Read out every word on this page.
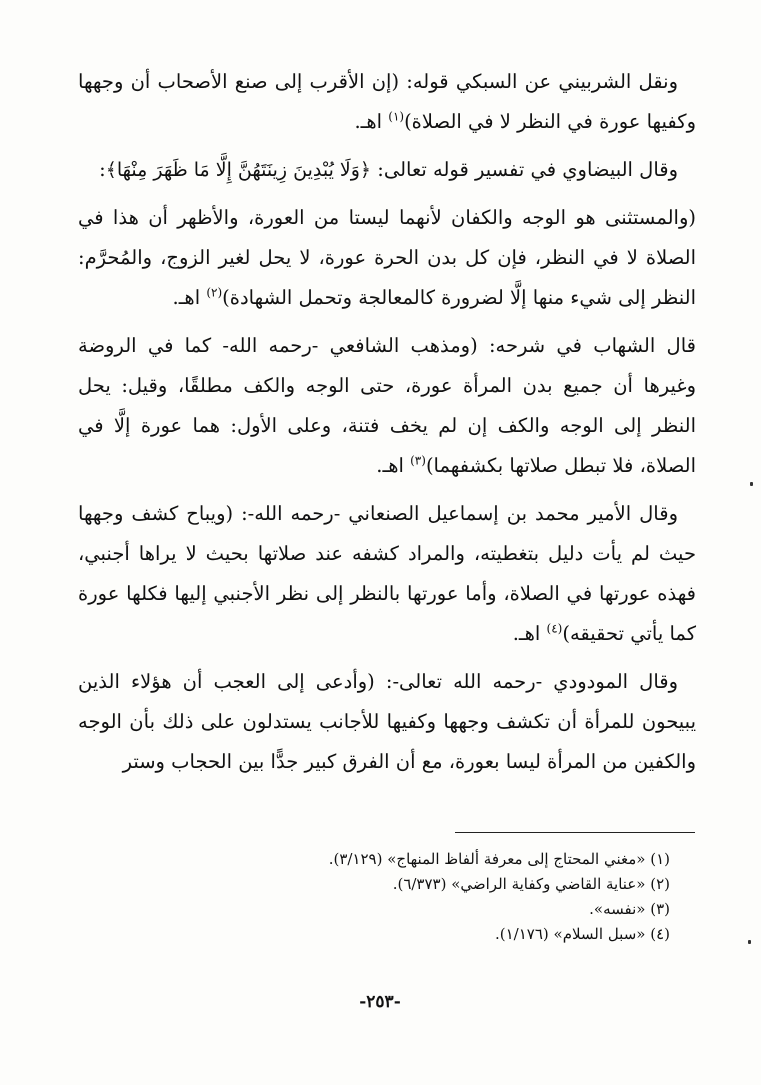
ونقل الشربيني عن السبكي قوله: (إن الأقرب إلى صنع الأصحاب أن وجهها وكفيها عورة في النظر لا في الصلاة)$^{(١)}$ اهـ.

وقال البيضاوي في تفسير قوله تعالى: ﴿وَلَا يُبْدِينَ زِينَتَهُنَّ إِلَّا مَا ظَهَرَ مِنْهَا﴾:

(والمستثنى هو الوجه والكفان لأنهما ليستا من العورة، والأظهر أن هذا في الصلاة لا في النظر، فإن كل بدن الحرة عورة، لا يحل لغير الزوج، والمُحرَّم: النظر إلى شيء منها إلَّا لضرورة كالمعالجة وتحمل الشهادة)$^{(٢)}$ اهـ.

قال الشهاب في شرحه: (ومذهب الشافعي -رحمه الله- كما في الروضة وغيرها أن جميع بدن المرأة عورة، حتى الوجه والكف مطلقًا، وقيل: يحل النظر إلى الوجه والكف إن لم يخف فتنة، وعلى الأول: هما عورة إلَّا في الصلاة، فلا تبطل صلاتها بكشفهما)$^{(٣)}$ اهـ.

وقال الأمير محمد بن إسماعيل الصنعاني -رحمه الله-: (ويباح كشف وجهها حيث لم يأت دليل بتغطيته، والمراد كشفه عند صلاتها بحيث لا يراها أجنبي، فهذه عورتها في الصلاة، وأما عورتها بالنظر إلى نظر الأجنبي إليها فكلها عورة كما يأتي تحقيقه)$^{(٤)}$ اهـ.

وقال المودودي -رحمه الله تعالى-: (وأدعى إلى العجب أن هؤلاء الذين يبيحون للمرأة أن تكشف وجهها وكفيها للأجانب يستدلون على ذلك بأن الوجه والكفين من المرأة ليسا بعورة، مع أن الفرق كبير جدًّا بين الحجاب وستر

(١) «مغني المحتاج إلى معرفة ألفاظ المنهاج» (٣/١٢٩).

(٢) «عناية القاضي وكفاية الراضي» (٦/٣٧٣).

(٣) «نفسه».

(٤) «سبل السلام» (١/١٧٦).

-٢٥٣-
